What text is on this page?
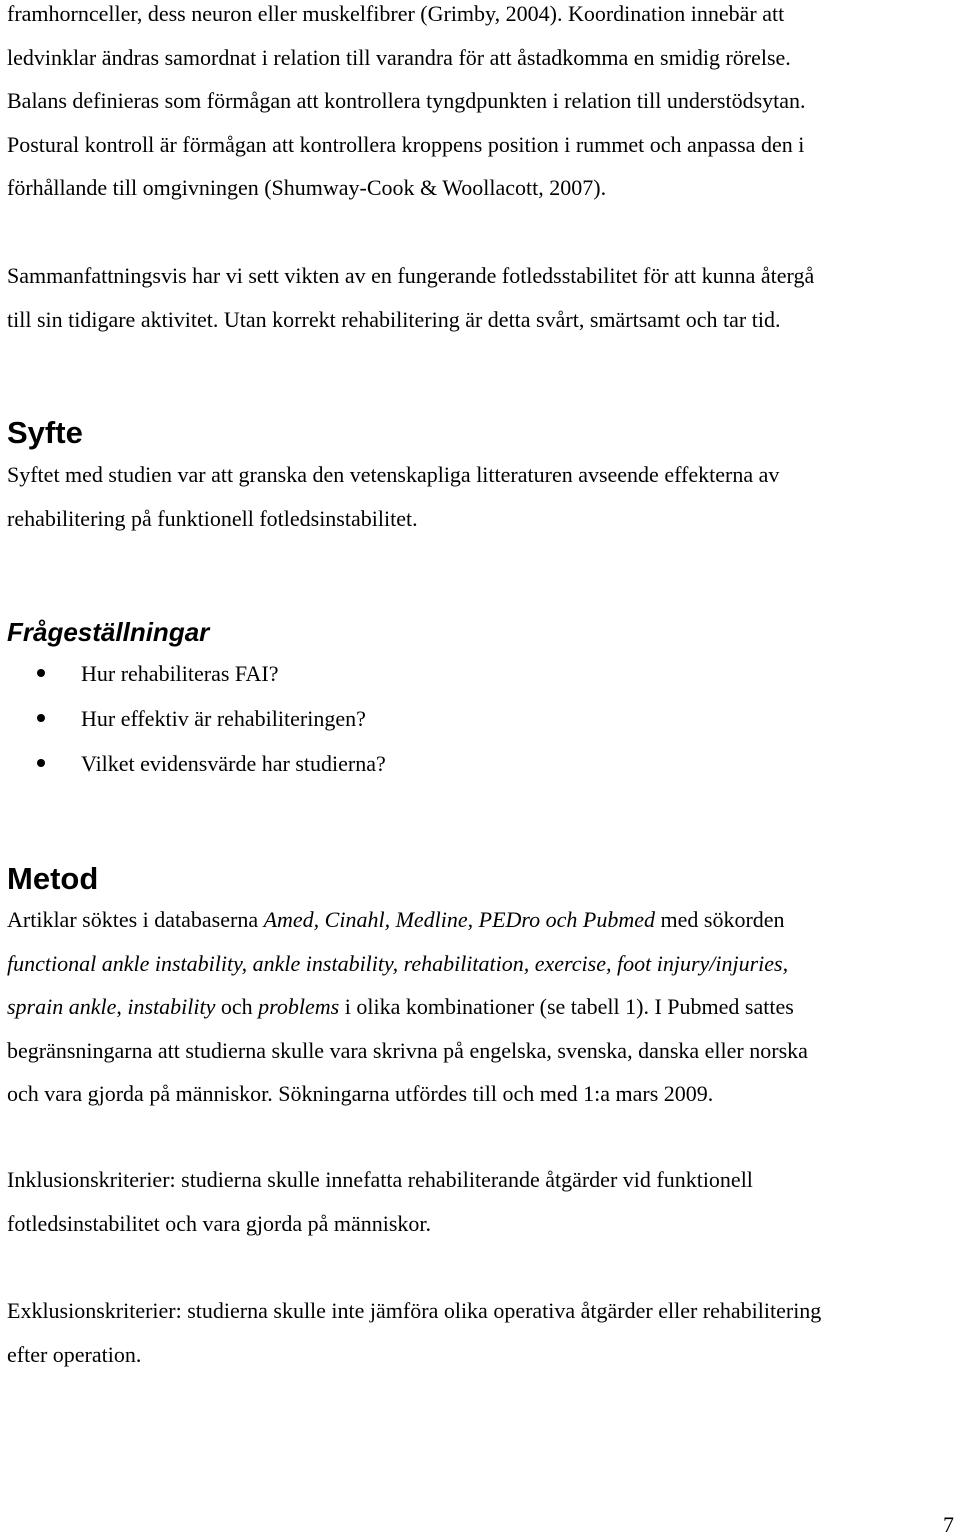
framhornceller, dess neuron eller muskelfibrer (Grimby, 2004). Koordination innebär att
ledvinklar ändras samordnat i relation till varandra för att åstadkomma en smidig rörelse.
Balans definieras som förmågan att kontrollera tyngdpunkten i relation till understödsytan.
Postural kontroll är förmågan att kontrollera kroppens position i rummet och anpassa den i
förhållande till omgivningen (Shumway-Cook & Woollacott, 2007).

Sammanfattningsvis har vi sett vikten av en fungerande fotledsstabilitet för att kunna återgå
till sin tidigare aktivitet. Utan korrekt rehabilitering är detta svårt, smärtsamt och tar tid.

Syfte

Syftet med studien var att granska den vetenskapliga litteraturen avseende effekterna av
rehabilitering på funktionell fotledsinstabilitet.

Frågeställningar
Hur rehabiliteras FAI?
Hur effektiv är rehabiliteringen?
Vilket evidensvärde har studierna?
Metod

Artiklar söktes i databaserna Amed, Cinahl, Medline, PEDro och Pubmed med sökorden
functional ankle instability, ankle instability, rehabilitation, exercise, foot injury/injuries,
sprain ankle, instability och problems i olika kombinationer (se tabell 1). I Pubmed sattes
begränsningarna att studierna skulle vara skrivna på engelska, svenska, danska eller norska
och vara gjorda på människor. Sökningarna utfördes till och med 1:a mars 2009.

Inklusionskriterier: studierna skulle innefatta rehabiliterande åtgärder vid funktionell
fotledsinstabilitet och vara gjorda på människor.

Exklusionskriterier: studierna skulle inte jämföra olika operativa åtgärder eller rehabilitering
efter operation.

7
